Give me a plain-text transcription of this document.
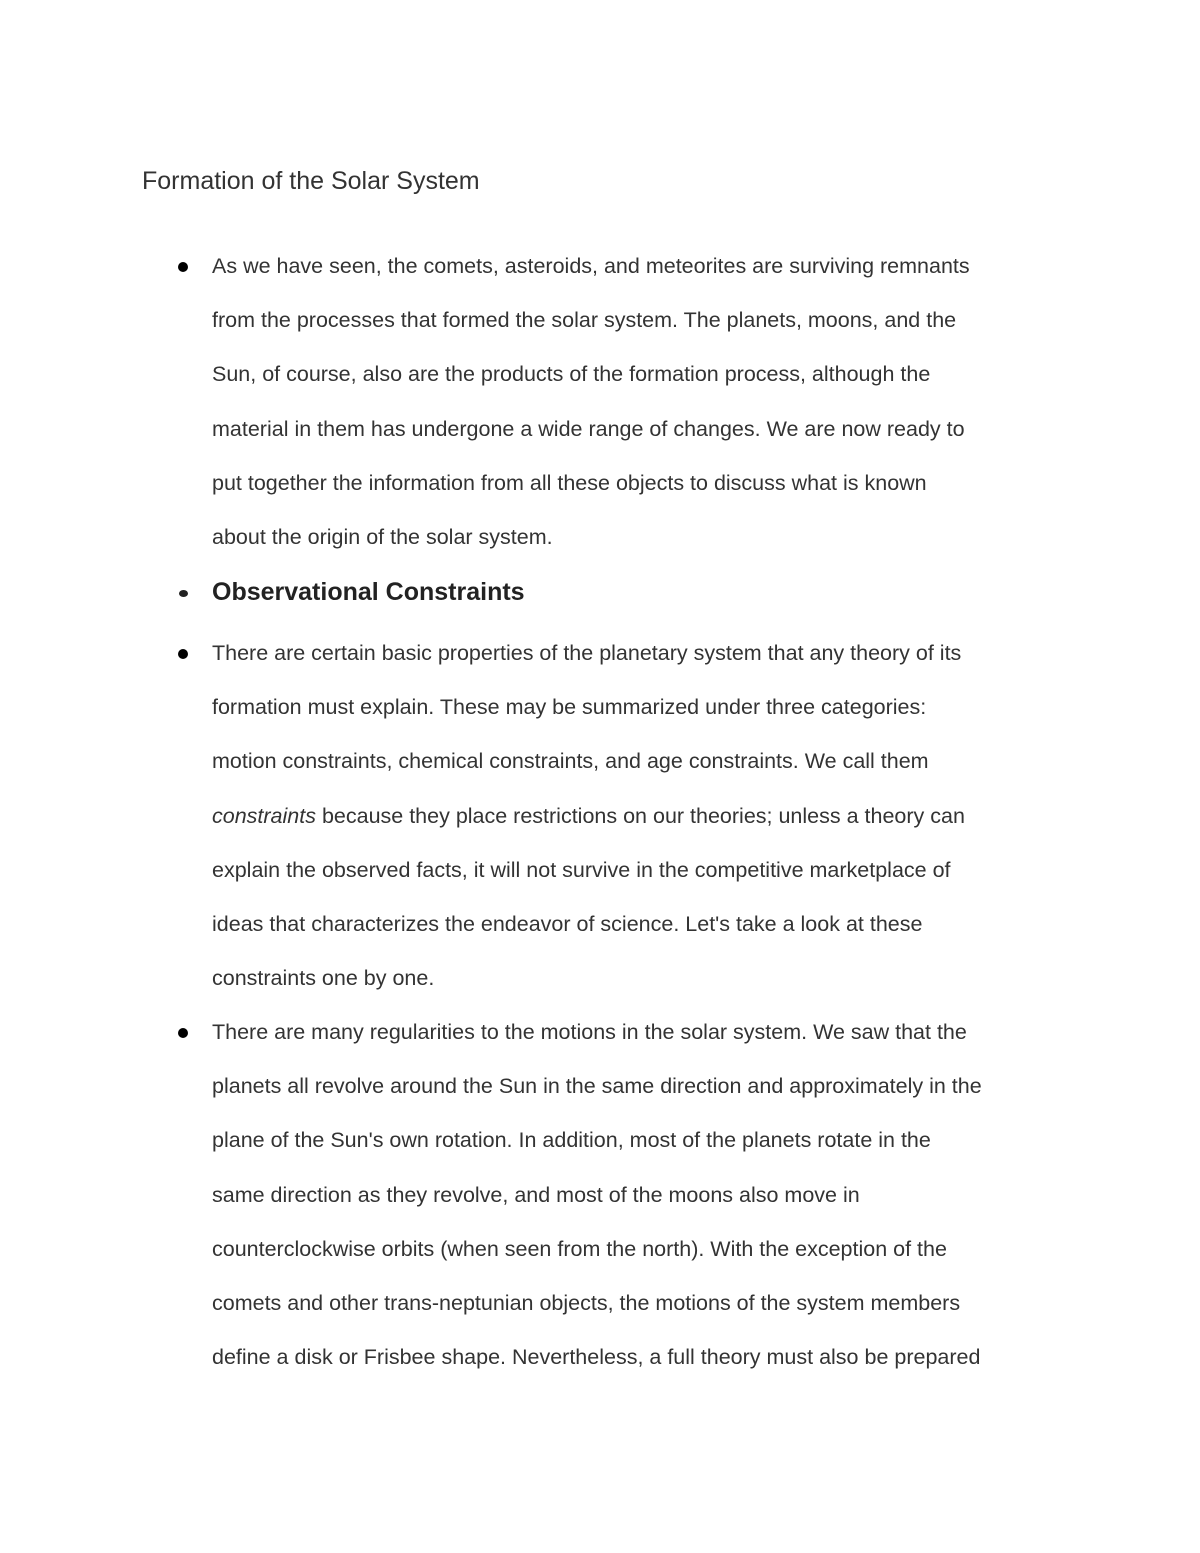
Formation of the Solar System
As we have seen, the comets, asteroids, and meteorites are surviving remnants
from the processes that formed the solar system. The planets, moons, and the
Sun, of course, also are the products of the formation process, although the
material in them has undergone a wide range of changes. We are now ready to
put together the information from all these objects to discuss what is known
about the origin of the solar system.
Observational Constraints
There are certain basic properties of the planetary system that any theory of its
formation must explain. These may be summarized under three categories:
motion constraints, chemical constraints, and age constraints. We call them
constraints because they place restrictions on our theories; unless a theory can
explain the observed facts, it will not survive in the competitive marketplace of
ideas that characterizes the endeavor of science. Let's take a look at these
constraints one by one.
There are many regularities to the motions in the solar system. We saw that the
planets all revolve around the Sun in the same direction and approximately in the
plane of the Sun's own rotation. In addition, most of the planets rotate in the
same direction as they revolve, and most of the moons also move in
counterclockwise orbits (when seen from the north). With the exception of the
comets and other trans-neptunian objects, the motions of the system members
define a disk or Frisbee shape. Nevertheless, a full theory must also be prepared
